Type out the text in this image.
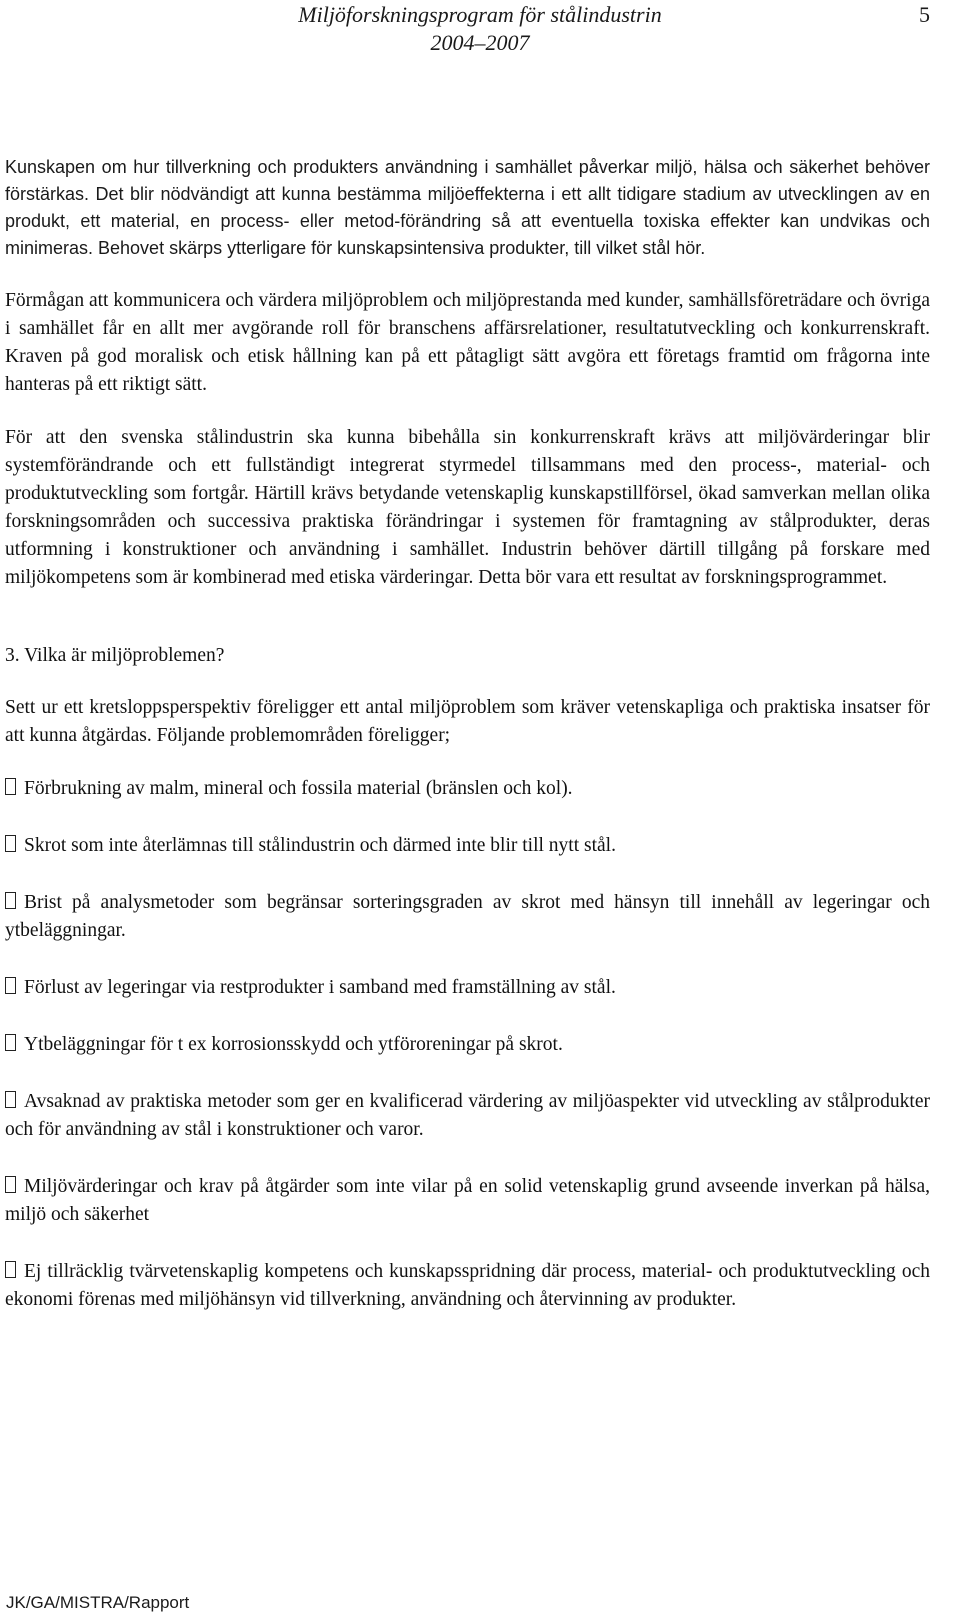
Miljöforskningsprogram för stålindustrin
2004–2007
5

Kunskapen om hur tillverkning och produkters användning i samhället påverkar miljö, hälsa och säkerhet behöver förstärkas. Det blir nödvändigt att kunna bestämma miljöeffekterna i ett allt tidigare stadium av utvecklingen av en produkt, ett material, en process- eller metod-förändring så att eventuella toxiska effekter kan undvikas och minimeras. Behovet skärps ytterligare för kunskapsintensiva produkter, till vilket stål hör.

Förmågan att kommunicera och värdera miljöproblem och miljöprestanda med kunder, samhällsföreträdare och övriga i samhället får en allt mer avgörande roll för branschens affärsrelationer, resultatutveckling och konkurrenskraft. Kraven på god moralisk och etisk hållning kan på ett påtagligt sätt avgöra ett företags framtid om frågorna inte hanteras på ett riktigt sätt.

För att den svenska stålindustrin ska kunna bibehålla sin konkurrenskraft krävs att miljövärderingar blir systemförändrande och ett fullständigt integrerat styrmedel tillsammans med den process-, material- och produktutveckling som fortgår. Härtill krävs betydande vetenskaplig kunskapstillförsel, ökad samverkan mellan olika forskningsområden och successiva praktiska förändringar i systemen för framtagning av stålprodukter, deras utformning i konstruktioner och användning i samhället. Industrin behöver därtill tillgång på forskare med miljökompetens som är kombinerad med etiska värderingar. Detta bör vara ett resultat av forskningsprogrammet.

3. Vilka är miljöproblemen?

Sett ur ett kretsloppsperspektiv föreligger ett antal miljöproblem som kräver vetenskapliga och praktiska insatser för att kunna åtgärdas. Följande problemområden föreligger;

Förbrukning av malm, mineral och fossila material (bränslen och kol).

Skrot som inte återlämnas till stålindustrin och därmed inte blir till nytt stål.

Brist på analysmetoder som begränsar sorteringsgraden av skrot med hänsyn till innehåll av legeringar och ytbeläggningar.

Förlust av legeringar via restprodukter i samband med framställning av stål.

Ytbeläggningar för t ex korrosionsskydd och ytföroreningar på skrot.

Avsaknad av praktiska metoder som ger en kvalificerad värdering av miljöaspekter vid utveckling av stålprodukter och för användning av stål i konstruktioner och varor.

Miljövärderingar och krav på åtgärder som inte vilar på en solid vetenskaplig grund avseende inverkan på hälsa, miljö och säkerhet

Ej tillräcklig tvärvetenskaplig kompetens och kunskapsspridning där process, material- och produktutveckling och ekonomi förenas med miljöhänsyn vid tillverkning, användning och återvinning av produkter.

JK/GA/MISTRA/Rapport
